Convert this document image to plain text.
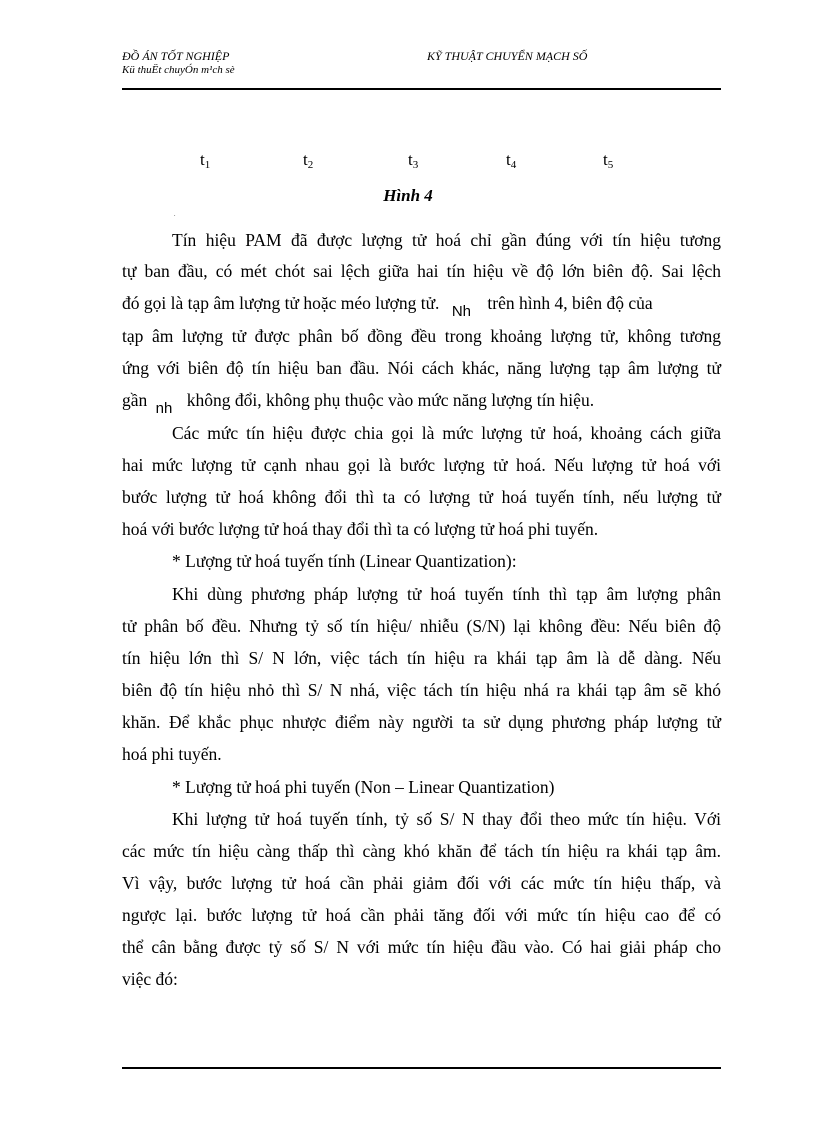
ĐỒ ÁN TỐT NGHIỆP
Kü thuËt chuyÓn m¹ch sè
KỸ THUẬT CHUYỂN MẠCH SỐ
$t_1$	$t_2$	$t_3$	$t_4$	$t_5$
Hình 4
.
Tín hiệu PAM đã được lượng tử hoá chỉ gần đúng với tín hiệu tương
tự ban đầu, có mét chót sai lệch giữa hai tín hiệu về độ lớn biên độ. Sai lệch
đó gọi là tạp âm lượng tử hoặc méo lượng tử. Nh trên hình 4, biên độ của
tạp âm lượng tử được phân bố đồng đều trong khoảng lượng tử, không tương
ứng với biên độ tín hiệu ban đầu. Nói cách khác, năng lượng tạp âm lượng tử
gần nh không đổi, không phụ thuộc vào mức năng lượng tín hiệu.
Các mức tín hiệu được chia gọi là mức lượng tử hoá, khoảng cách giữa
hai mức lượng tử cạnh nhau gọi là bước lượng tử hoá. Nếu lượng tử hoá với
bước lượng tử hoá không đổi thì ta có lượng tử hoá tuyến tính, nếu lượng tử
hoá với bước lượng tử hoá thay đổi thì ta có lượng tử hoá phi tuyến.
* Lượng tử hoá tuyến tính (Linear Quantization):
Khi dùng phương pháp lượng tử hoá tuyến tính thì tạp âm lượng phân
tử phân bố đều. Nhưng tỷ số tín hiệu/ nhiễu (S/N) lại không đều: Nếu biên độ
tín hiệu lớn thì S/ N lớn, việc tách tín hiệu ra khái tạp âm là dễ dàng. Nếu
biên độ tín hiệu nhỏ thì S/ N nhá, việc tách tín hiệu nhá ra khái tạp âm sẽ khó
khăn. Để khắc phục nhược điểm này người ta sử dụng phương pháp lượng tử
hoá phi tuyến.
* Lượng tử hoá phi tuyến (Non – Linear Quantization)
Khi lượng tử hoá tuyến tính, tỷ số S/ N thay đổi theo mức tín hiệu. Với
các mức tín hiệu càng thấp thì càng khó khăn để tách tín hiệu ra khái tạp âm.
Vì vậy, bước lượng tử hoá cần phải giảm đối với các mức tín hiệu thấp, và
ngược lại. bước lượng tử hoá cần phải tăng đối với mức tín hiệu cao để có
thể cân bằng được tỷ số S/ N với mức tín hiệu đầu vào. Có hai giải pháp cho
việc đó:
